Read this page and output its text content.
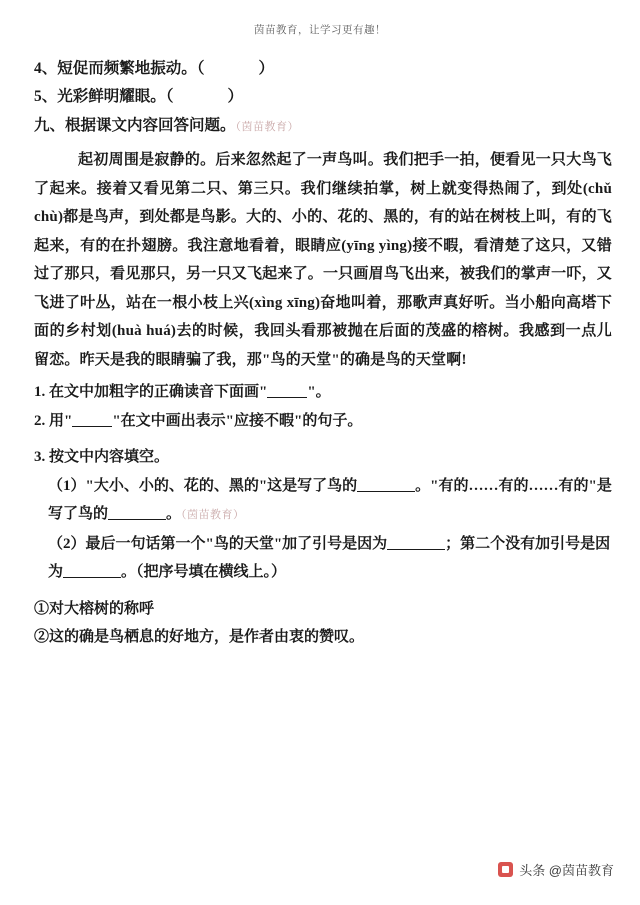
茵苗教育，让学习更有趣！
4、短促而频繁地振动。（	）
5、光彩鲜明耀眼。（	）
九、根据课文内容回答问题。（茵苗教育）

起初周围是寂静的。后来忽然起了一声鸟叫。我们把手一拍，便看见一只大鸟飞了起来。接着又看见第二只、第三只。我们继续拍掌，树上就变得热闹了，到处(chǔ chù)都是鸟声，到处都是鸟影。大的、小的、花的、黑的，有的站在树枝上叫，有的飞起来，有的在扑翅膀。我注意地看着，眼睛应(yīng yìng)接不暇，看清楚了这只，又错过了那只，看见那只，另一只又飞起来了。一只画眉鸟飞出来，被我们的掌声一吓，又飞进了叶丛，站在一根小枝上兴(xìng xīng)奋地叫着，那歌声真好听。当小船向高塔下面的乡村划(huà huá)去的时候，我回头看那被抛在后面的茂盛的榕树。我感到一点儿留恋。昨天是我的眼睛骗了我，那"鸟的天堂"的确是鸟的天堂啊!

1. 在文中加粗字的正确读音下面画"	"。

2. 用"	"在文中画出表示"应接不暇"的句子。

3. 按文中内容填空。

（1）"大小、小的、花的、黑的"这是写了鸟的	。"有的……有的……有的"是写了鸟的	。（茵苗教育）

（2）最后一句话第一个"鸟的天堂"加了引号是因为	；第二个没有加引号是因为	。（把序号填在横线上。）

①对大榕树的称呼

②这的确是鸟栖息的好地方，是作者由衷的赞叹。

头条 @茵苗教育
